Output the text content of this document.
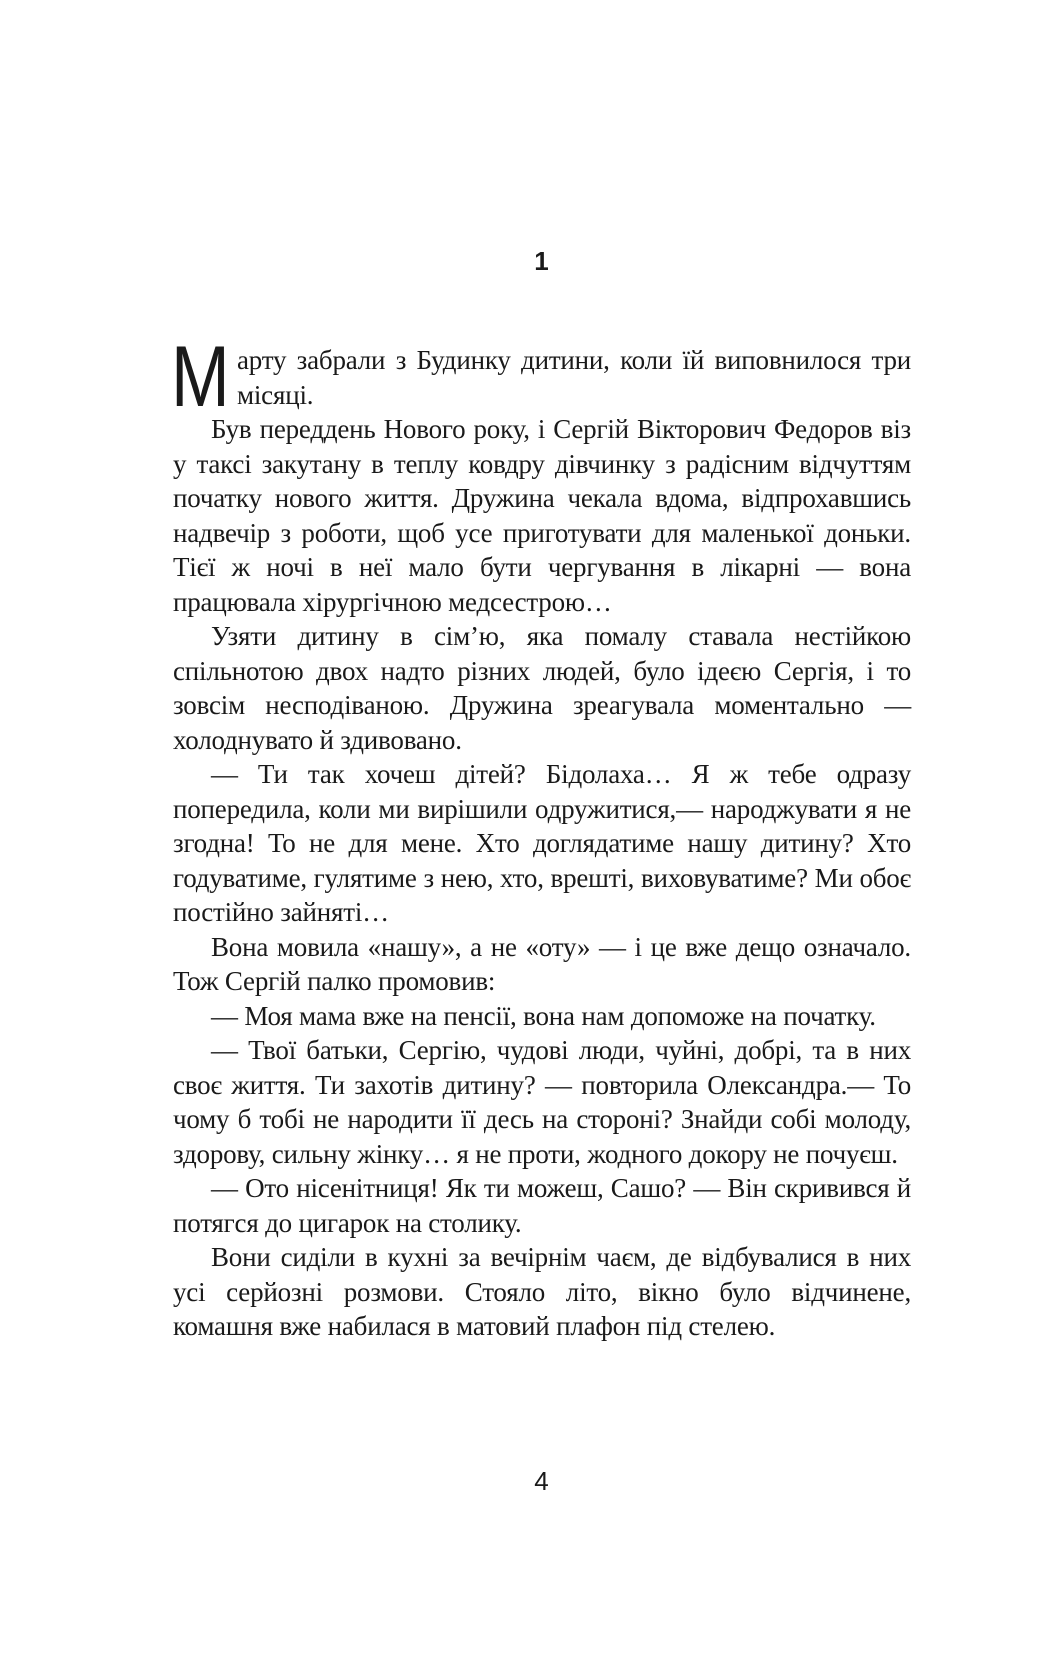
1

Марту забрали з Будинку дитини, коли їй виповнилося три місяці.

Був переддень Нового року, і Сергій Вікторович Федоров віз у таксі закутану в теплу ковдру дівчинку з радісним відчуттям початку нового життя. Дружина чекала вдома, відпрохавшись надвечір з роботи, щоб усе приготувати для маленької доньки. Тієї ж ночі в неї мало бути чергування в лікарні — вона працювала хірургічною медсестрою…

Узяти дитину в сім’ю, яка помалу ставала нестійкою спільнотою двох надто різних людей, було ідеєю Сергія, і то зовсім несподіваною. Дружина зреагувала моментально — холоднувато й здивовано.

— Ти так хочеш дітей? Бідолаха… Я ж тебе одразу попередила, коли ми вирішили одружитися,— народжувати я не згодна! То не для мене. Хто доглядатиме нашу дитину? Хто годуватиме, гулятиме з нею, хто, врешті, виховуватиме? Ми обоє постійно зайняті…

Вона мовила «нашу», а не «оту» — і це вже дещо означало. Тож Сергій палко промовив:

— Моя мама вже на пенсії, вона нам допоможе на початку.

— Твої батьки, Сергію, чудові люди, чуйні, добрі, та в них своє життя. Ти захотів дитину? — повторила Олександра.— То чому б тобі не народити її десь на стороні? Знайди собі молоду, здорову, сильну жінку… я не проти, жодного докору не почуєш.

— Ото нісенітниця! Як ти можеш, Сашо? — Він скривився й потягся до цигарок на столику.

Вони сиділи в кухні за вечірнім чаєм, де відбувалися в них усі серйозні розмови. Стояло літо, вікно було відчинене, комашня вже набилася в матовий плафон під стелею.

4
